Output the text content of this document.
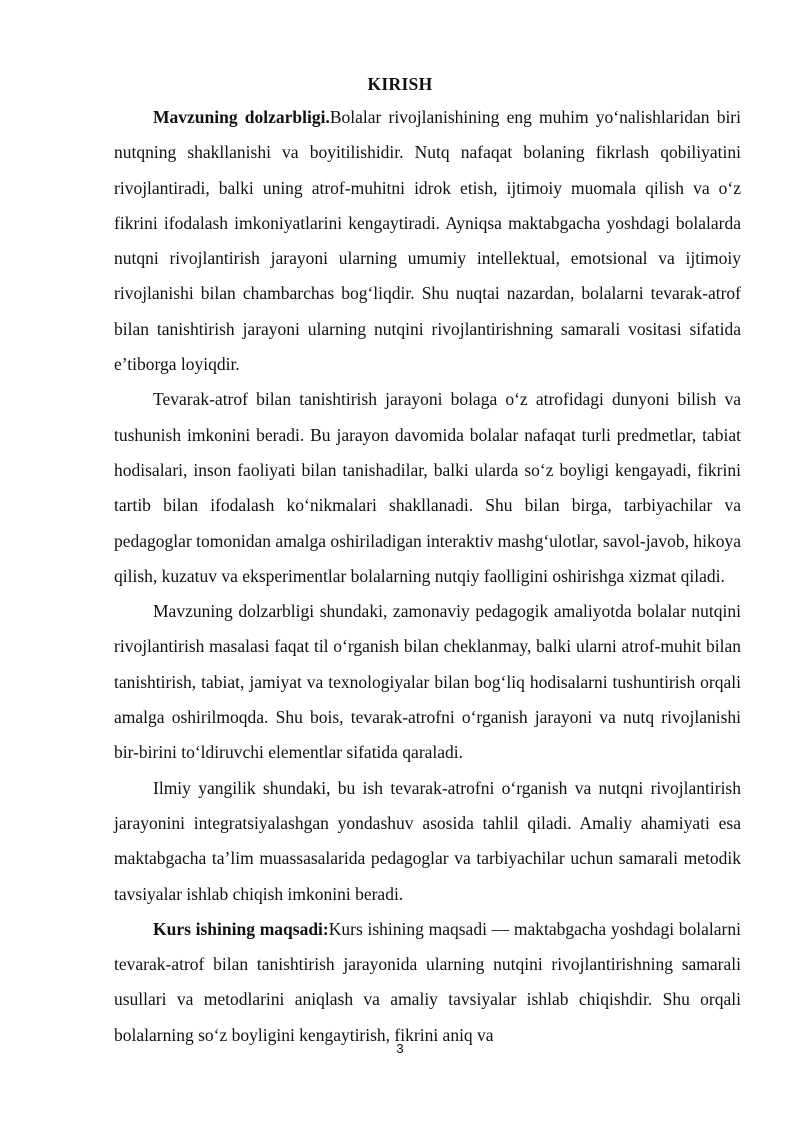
KIRISH

Mavzuning dolzarbligi.Bolalar rivojlanishining eng muhim yo‘nalishlaridan biri nutqning shakllanishi va boyitilishidir. Nutq nafaqat bolaning fikrlash qobiliyatini rivojlantiradi, balki uning atrof-muhitni idrok etish, ijtimoiy muomala qilish va o‘z fikrini ifodalash imkoniyatlarini kengaytiradi. Ayniqsa maktabgacha yoshdagi bolalarda nutqni rivojlantirish jarayoni ularning umumiy intellektual, emotsional va ijtimoiy rivojlanishi bilan chambarchas bog‘liqdir. Shu nuqtai nazardan, bolalarni tevarak-atrof bilan tanishtirish jarayoni ularning nutqini rivojlantirishning samarali vositasi sifatida e’tiborga loyiqdir.

Tevarak-atrof bilan tanishtirish jarayoni bolaga o‘z atrofidagi dunyoni bilish va tushunish imkonini beradi. Bu jarayon davomida bolalar nafaqat turli predmetlar, tabiat hodisalari, inson faoliyati bilan tanishadilar, balki ularda so‘z boyligi kengayadi, fikrini tartib bilan ifodalash ko‘nikmalari shakllanadi. Shu bilan birga, tarbiyachilar va pedagoglar tomonidan amalga oshiriladigan interaktiv mashg‘ulotlar, savol-javob, hikoya qilish, kuzatuv va eksperimentlar bolalarning nutqiy faolligini oshirishga xizmat qiladi.

Mavzuning dolzarbligi shundaki, zamonaviy pedagogik amaliyotda bolalar nutqini rivojlantirish masalasi faqat til o‘rganish bilan cheklanmay, balki ularni atrof-muhit bilan tanishtirish, tabiat, jamiyat va texnologiyalar bilan bog‘liq hodisalarni tushuntirish orqali amalga oshirilmoqda. Shu bois, tevarak-atrofni o‘rganish jarayoni va nutq rivojlanishi bir-birini to‘ldiruvchi elementlar sifatida qaraladi.

Ilmiy yangilik shundaki, bu ish tevarak-atrofni o‘rganish va nutqni rivojlantirish jarayonini integratsiyalashgan yondashuv asosida tahlil qiladi. Amaliy ahamiyati esa maktabgacha ta’lim muassasalarida pedagoglar va tarbiyachilar uchun samarali metodik tavsiyalar ishlab chiqish imkonini beradi.

Kurs ishining maqsadi:Kurs ishining maqsadi — maktabgacha yoshdagi bolalarni tevarak-atrof bilan tanishtirish jarayonida ularning nutqini rivojlantirishning samarali usullari va metodlarini aniqlash va amaliy tavsiyalar ishlab chiqishdir. Shu orqali bolalarning so‘z boyligini kengaytirish, fikrini aniq va

3
